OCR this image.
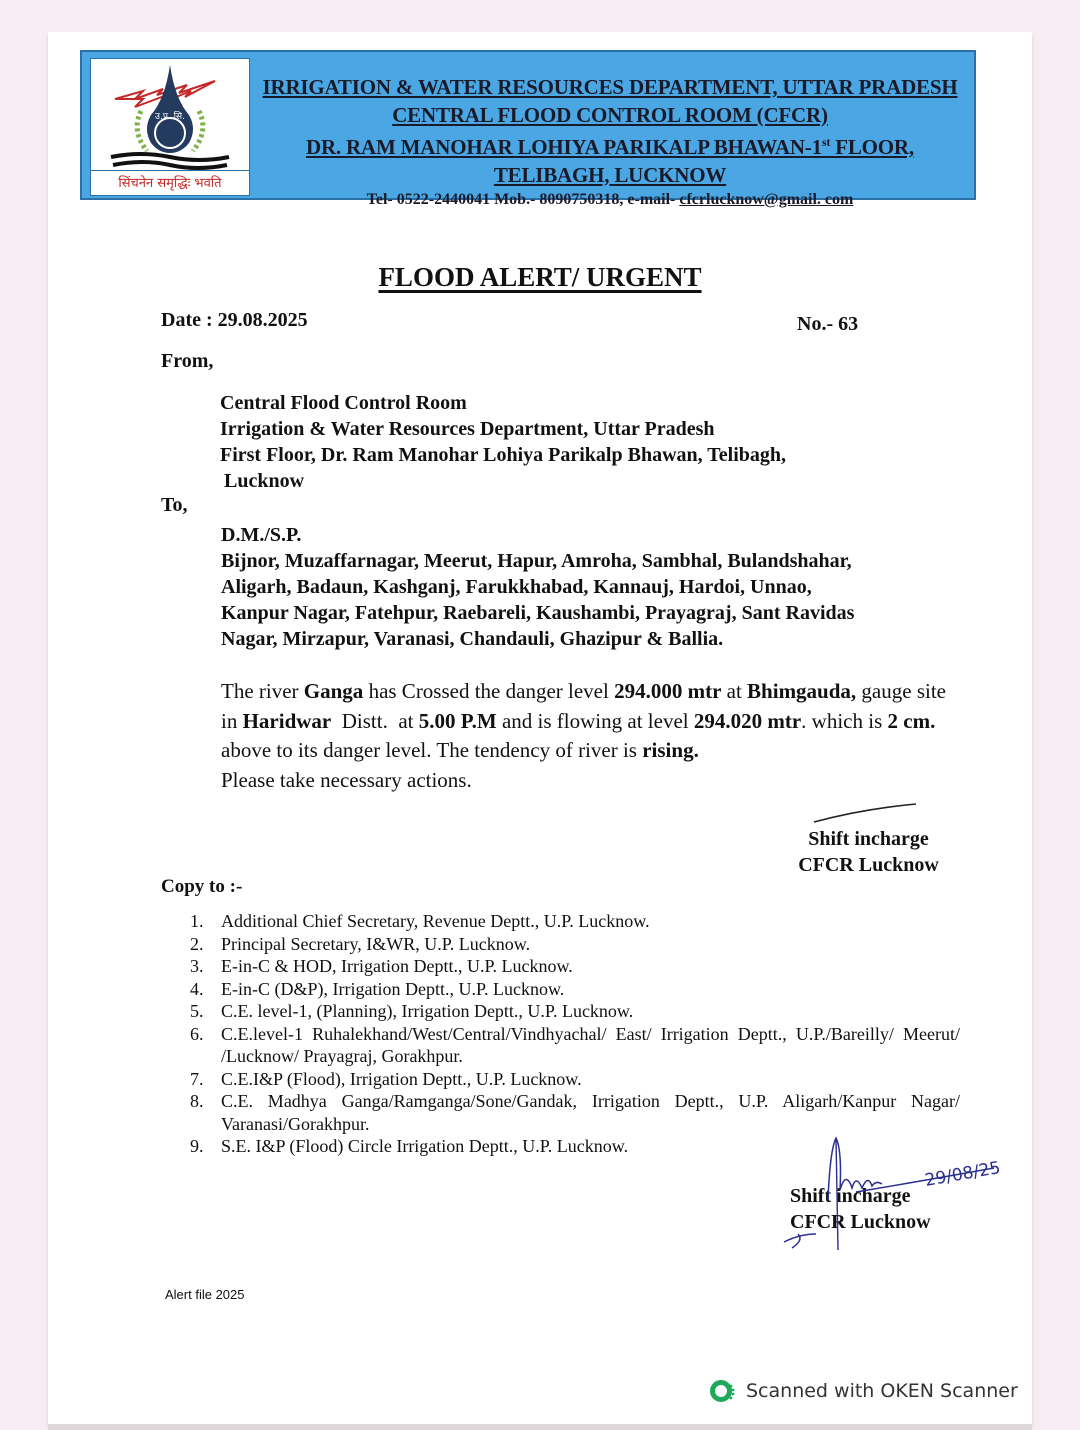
उ.प्र. सि.
सिंचनेन समृद्धिः भवति
IRRIGATION & WATER RESOURCES DEPARTMENT, UTTAR PRADESH
CENTRAL FLOOD CONTROL ROOM (CFCR)
DR. RAM MANOHAR LOHIYA PARIKALP BHAWAN-1st FLOOR,
TELIBAGH, LUCKNOW
Tel- 0522-2440041 Mob.- 8090750318, e-mail- cfcrlucknow@gmail. com
FLOOD ALERT/ URGENT
Date : 29.08.2025	No.- 63
From,
Central Flood Control Room
Irrigation & Water Resources Department, Uttar Pradesh
First Floor, Dr. Ram Manohar Lohiya Parikalp Bhawan, Telibagh,
Lucknow
To,
D.M./S.P.
Bijnor, Muzaffarnagar, Meerut, Hapur, Amroha, Sambhal, Bulandshahar,
Aligarh, Badaun, Kashganj, Farukkhabad, Kannauj, Hardoi, Unnao,
Kanpur Nagar, Fatehpur, Raebareli, Kaushambi, Prayagraj, Sant Ravidas
Nagar, Mirzapur, Varanasi, Chandauli, Ghazipur & Ballia.

The river Ganga has Crossed the danger level 294.000 mtr at Bhimgauda, gauge site in Haridwar  Distt.  at 5.00 P.M and is flowing at level 294.020 mtr. which is 2 cm. above to its danger level. The tendency of river is rising.

Please take necessary actions.

Shift incharge
CFCR Lucknow
Copy to :-
1. Additional Chief Secretary, Revenue Deptt., U.P. Lucknow.
2. Principal Secretary, I&WR, U.P. Lucknow.
3. E-in-C & HOD, Irrigation Deptt., U.P. Lucknow.
4. E-in-C (D&P), Irrigation Deptt., U.P. Lucknow.
5. C.E. level-1, (Planning), Irrigation Deptt., U.P. Lucknow.
6. C.E.level-1 Ruhalekhand/West/Central/Vindhyachal/ East/ Irrigation Deptt., U.P./Bareilly/ Meerut/ /Lucknow/ Prayagraj, Gorakhpur.
7. C.E.I&P (Flood), Irrigation Deptt., U.P. Lucknow.
8. C.E. Madhya Ganga/Ramganga/Sone/Gandak, Irrigation Deptt., U.P. Aligarh/Kanpur Nagar/ Varanasi/Gorakhpur.
9. S.E. I&P (Flood) Circle Irrigation Deptt., U.P. Lucknow.
Shift incharge
CFCR Lucknow
29/08/25
Alert file 2025
Scanned with OKEN Scanner
